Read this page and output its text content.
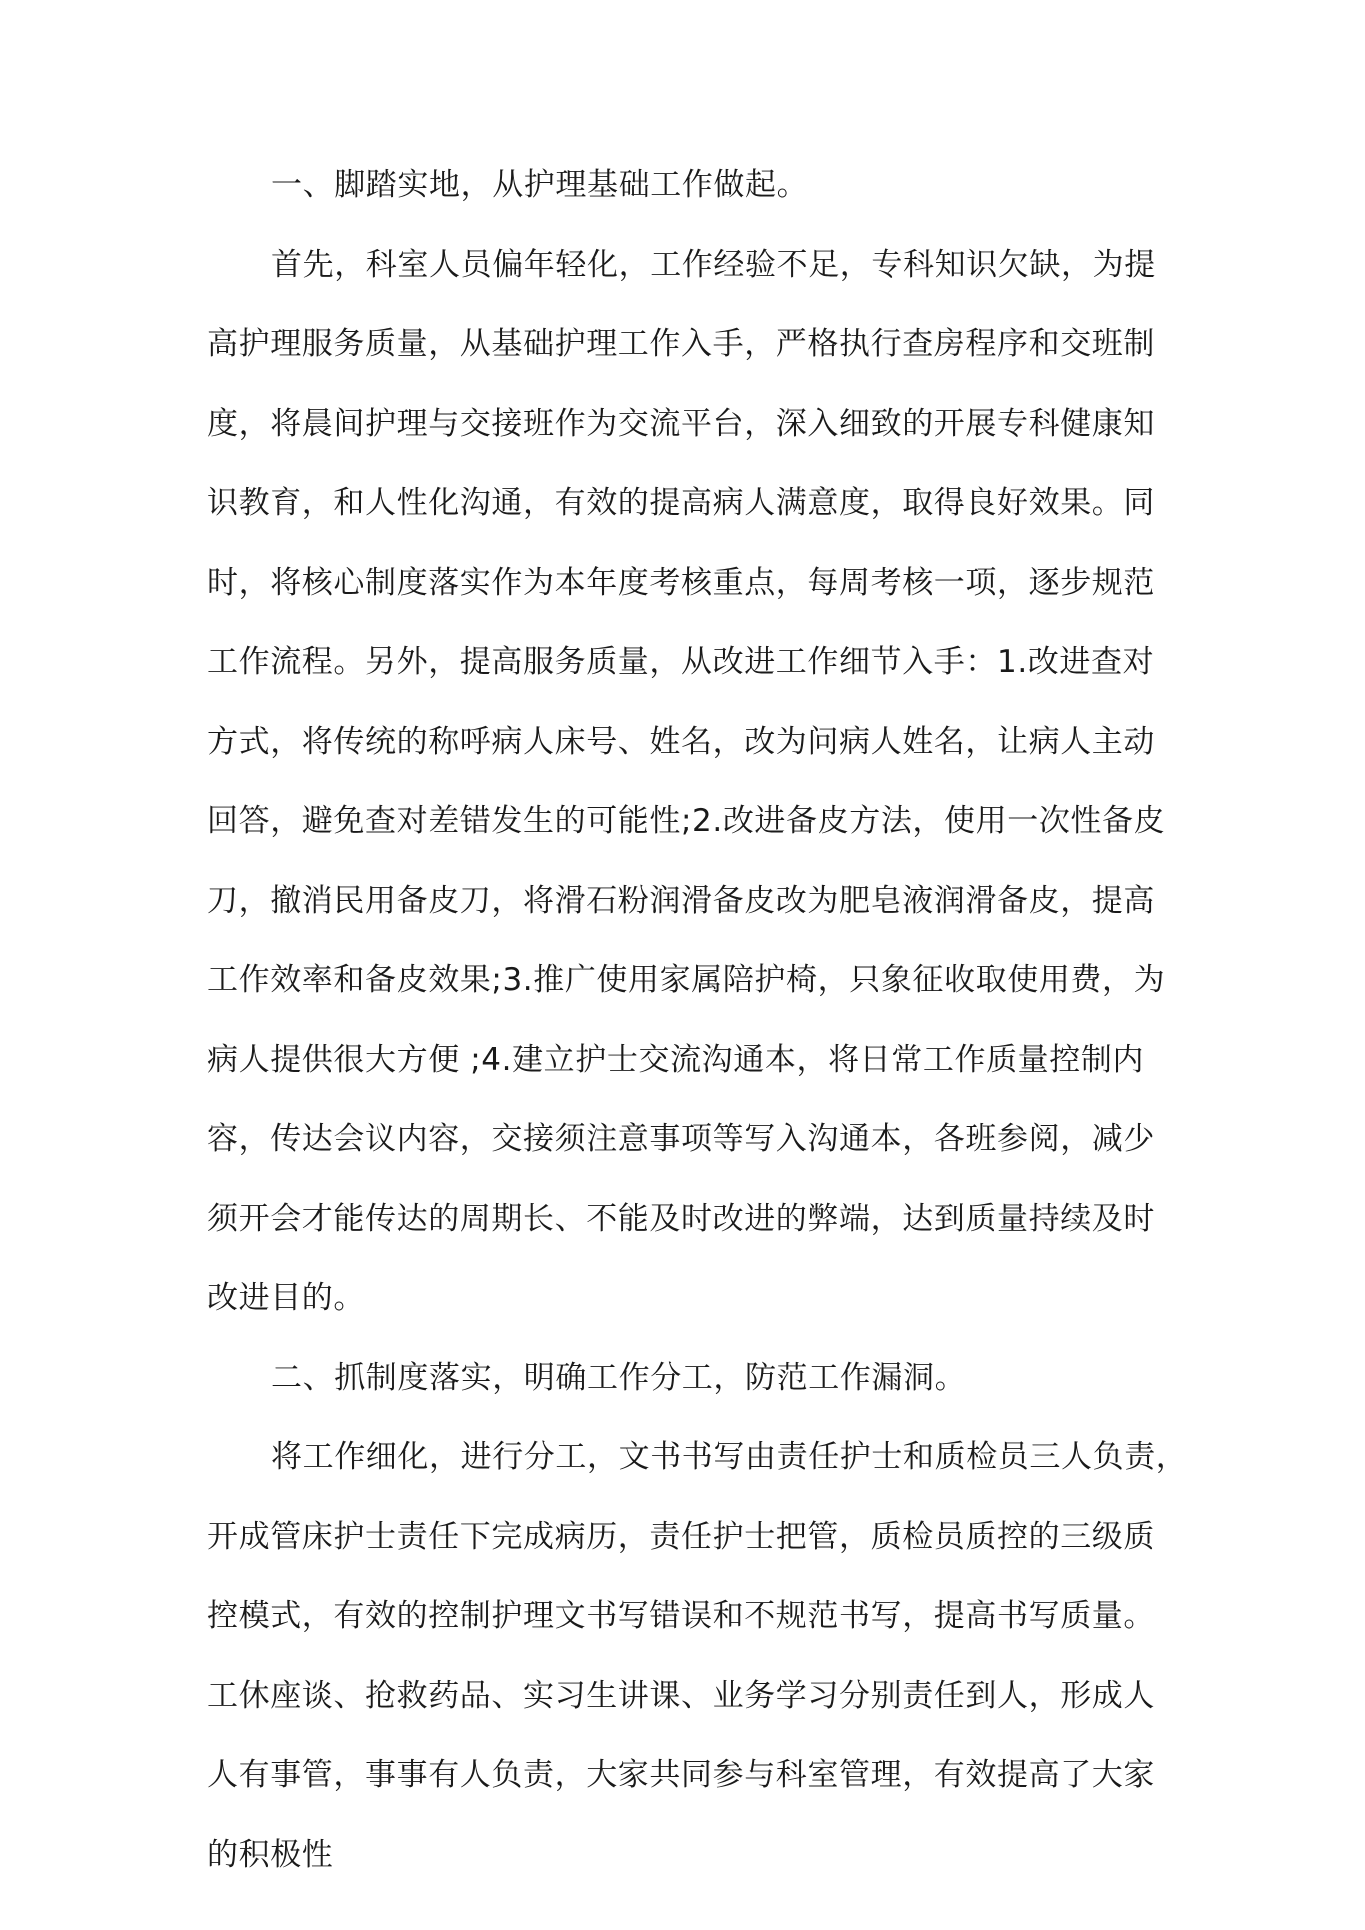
一、脚踏实地，从护理基础工作做起。
首先，科室人员偏年轻化，工作经验不足，专科知识欠缺，为提
高护理服务质量，从基础护理工作入手，严格执行查房程序和交班制
度，将晨间护理与交接班作为交流平台，深入细致的开展专科健康知
识教育，和人性化沟通，有效的提高病人满意度，取得良好效果。同
时，将核心制度落实作为本年度考核重点，每周考核一项，逐步规范
工作流程。另外，提高服务质量，从改进工作细节入手：1.改进查对
方式，将传统的称呼病人床号、姓名，改为问病人姓名，让病人主动
回答，避免查对差错发生的可能性;2.改进备皮方法，使用一次性备皮
刀，撤消民用备皮刀，将滑石粉润滑备皮改为肥皂液润滑备皮，提高
工作效率和备皮效果;3.推广使用家属陪护椅，只象征收取使用费，为
病人提供很大方便 ;4.建立护士交流沟通本，将日常工作质量控制内
容，传达会议内容，交接须注意事项等写入沟通本，各班参阅，减少
须开会才能传达的周期长、不能及时改进的弊端，达到质量持续及时
改进目的。
二、抓制度落实，明确工作分工，防范工作漏洞。
将工作细化，进行分工，文书书写由责任护士和质检员三人负责，
开成管床护士责任下完成病历，责任护士把管，质检员质控的三级质
控模式，有效的控制护理文书写错误和不规范书写，提高书写质量。
工休座谈、抢救药品、实习生讲课、业务学习分别责任到人，形成人
人有事管，事事有人负责，大家共同参与科室管理，有效提高了大家
的积极性
